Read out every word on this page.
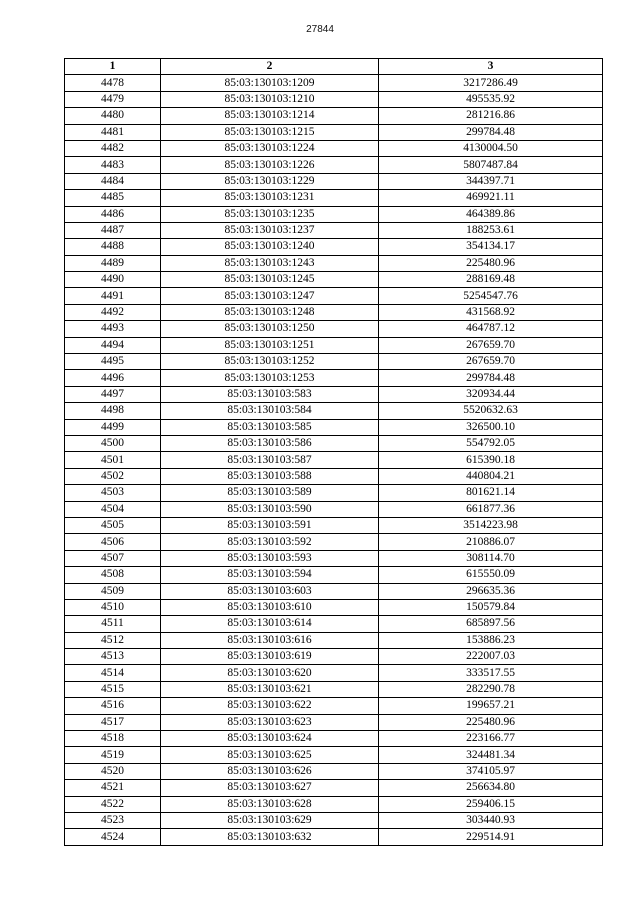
27844
1	2	3
4478	85:03:130103:1209	3217286.49
4479	85:03:130103:1210	495535.92
4480	85:03:130103:1214	281216.86
4481	85:03:130103:1215	299784.48
4482	85:03:130103:1224	4130004.50
4483	85:03:130103:1226	5807487.84
4484	85:03:130103:1229	344397.71
4485	85:03:130103:1231	469921.11
4486	85:03:130103:1235	464389.86
4487	85:03:130103:1237	188253.61
4488	85:03:130103:1240	354134.17
4489	85:03:130103:1243	225480.96
4490	85:03:130103:1245	288169.48
4491	85:03:130103:1247	5254547.76
4492	85:03:130103:1248	431568.92
4493	85:03:130103:1250	464787.12
4494	85:03:130103:1251	267659.70
4495	85:03:130103:1252	267659.70
4496	85:03:130103:1253	299784.48
4497	85:03:130103:583	320934.44
4498	85:03:130103:584	5520632.63
4499	85:03:130103:585	326500.10
4500	85:03:130103:586	554792.05
4501	85:03:130103:587	615390.18
4502	85:03:130103:588	440804.21
4503	85:03:130103:589	801621.14
4504	85:03:130103:590	661877.36
4505	85:03:130103:591	3514223.98
4506	85:03:130103:592	210886.07
4507	85:03:130103:593	308114.70
4508	85:03:130103:594	615550.09
4509	85:03:130103:603	296635.36
4510	85:03:130103:610	150579.84
4511	85:03:130103:614	685897.56
4512	85:03:130103:616	153886.23
4513	85:03:130103:619	222007.03
4514	85:03:130103:620	333517.55
4515	85:03:130103:621	282290.78
4516	85:03:130103:622	199657.21
4517	85:03:130103:623	225480.96
4518	85:03:130103:624	223166.77
4519	85:03:130103:625	324481.34
4520	85:03:130103:626	374105.97
4521	85:03:130103:627	256634.80
4522	85:03:130103:628	259406.15
4523	85:03:130103:629	303440.93
4524	85:03:130103:632	229514.91
